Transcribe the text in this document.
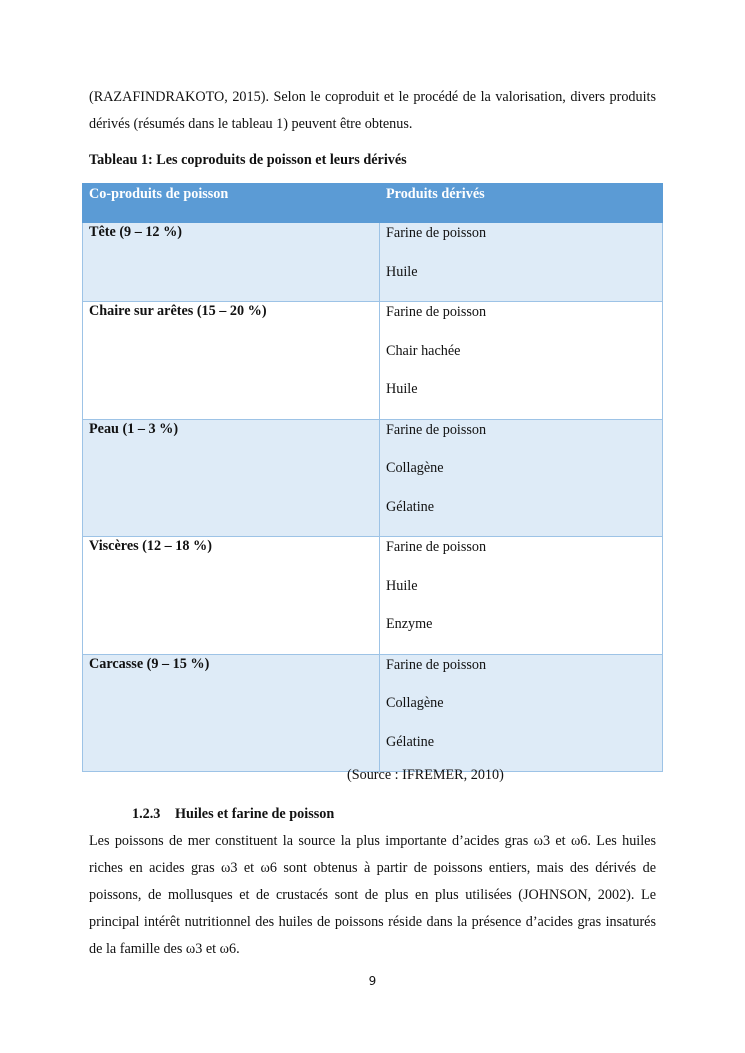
(RAZAFINDRAKOTO, 2015). Selon le coproduit et le procédé de la valorisation, divers produits dérivés (résumés dans le tableau 1) peuvent être obtenus.

Tableau 1: Les coproduits de poisson et leurs dérivés

Co-produits de poisson	Produits dérivés
Tête (9 – 12 %)	Farine de poisson
Huile

Chaire sur arêtes (15 – 20 %)	Farine de poisson
Chair hachée
Huile

Peau (1 – 3 %)	Farine de poisson
Collagène
Gélatine

Viscères (12 – 18 %)	Farine de poisson
Huile
Enzyme

Carcasse (9 – 15 %)	Farine de poisson
Collagène
Gélatine
(Source : IFREMER, 2010)
1.2.3 Huiles et farine de poisson

Les poissons de mer constituent la source la plus importante d’acides gras ω3 et ω6. Les huiles riches en acides gras ω3 et ω6 sont obtenus à partir de poissons entiers, mais des dérivés de poissons, de mollusques et de crustacés sont de plus en plus utilisées (JOHNSON, 2002). Le principal intérêt nutritionnel des huiles de poissons réside dans la présence d’acides gras insaturés de la famille des ω3 et ω6.

9
